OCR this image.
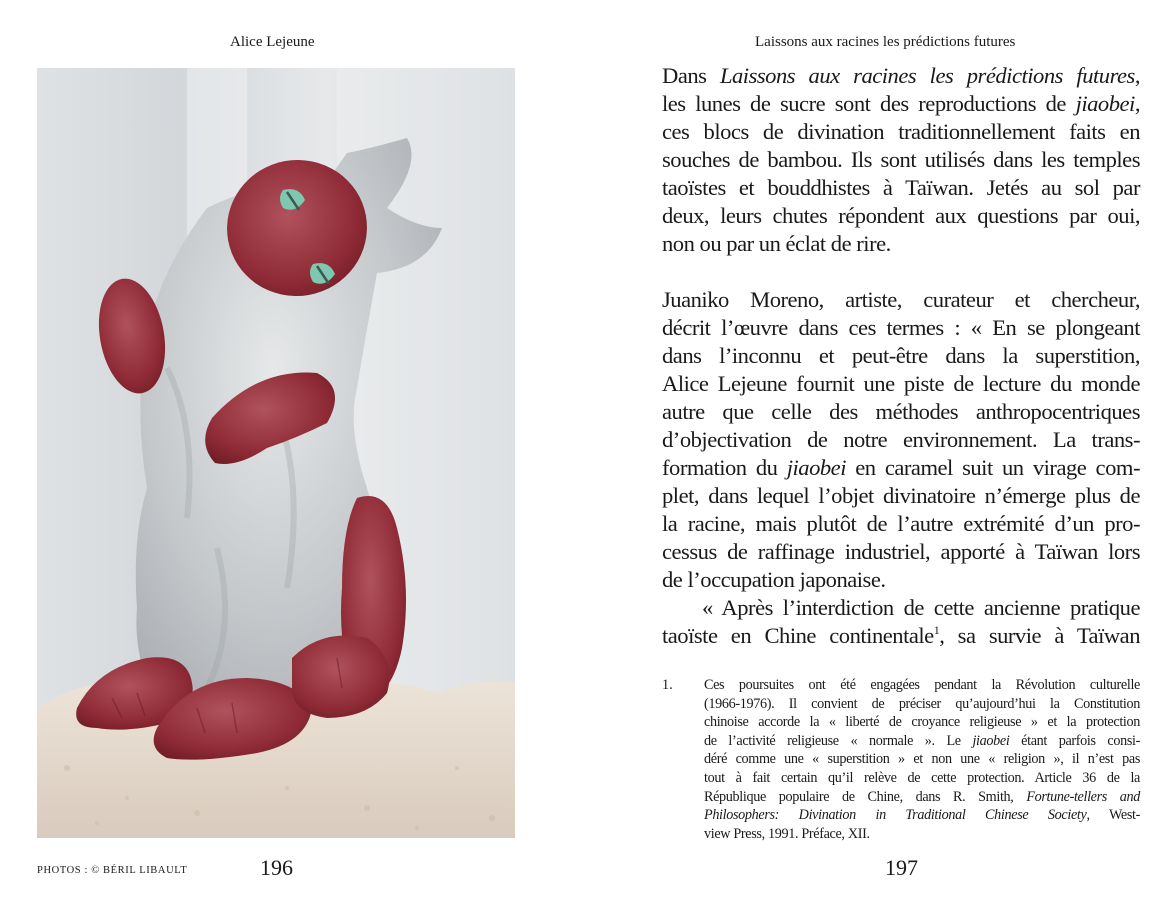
Alice Lejeune	Laissons aux racines les prédictions futures
PHOTOS : © BÉRIL LIBAULT	196	197
Dans Laissons aux racines les prédictions futures,
les lunes de sucre sont des reproductions de jiaobei,
ces blocs de divination traditionnellement faits en
souches de bambou. Ils sont utilisés dans les temples
taoïstes et bouddhistes à Taïwan. Jetés au sol par
deux, leurs chutes répondent aux questions par oui,
non ou par un éclat de rire.
Juaniko Moreno, artiste, curateur et chercheur,
décrit l’œuvre dans ces termes : « En se plongeant
dans l’inconnu et peut-être dans la superstition,
Alice Lejeune fournit une piste de lecture du monde
autre que celle des méthodes anthropocentriques
d’objectivation de notre environnement. La trans-
formation du jiaobei en caramel suit un virage com-
plet, dans lequel l’objet divinatoire n’émerge plus de
la racine, mais plutôt de l’autre extrémité d’un pro-
cessus de raffinage industriel, apporté à Taïwan lors
de l’occupation japonaise.
« Après l’interdiction de cette ancienne pratique
taoïste en Chine continentale$^1$, sa survie à Taïwan
1. Ces poursuites ont été engagées pendant la Révolution culturelle
(1966-1976). Il convient de préciser qu’aujourd’hui la Constitution
chinoise accorde la « liberté de croyance religieuse » et la protection
de l’activité religieuse « normale ». Le jiaobei étant parfois consi-
déré comme une « superstition » et non une « religion », il n’est pas
tout à fait certain qu’il relève de cette protection. Article 36 de la
République populaire de Chine, dans R. Smith, Fortune-tellers and
Philosophers: Divination in Traditional Chinese Society, West-
view Press, 1991. Préface, XII.
